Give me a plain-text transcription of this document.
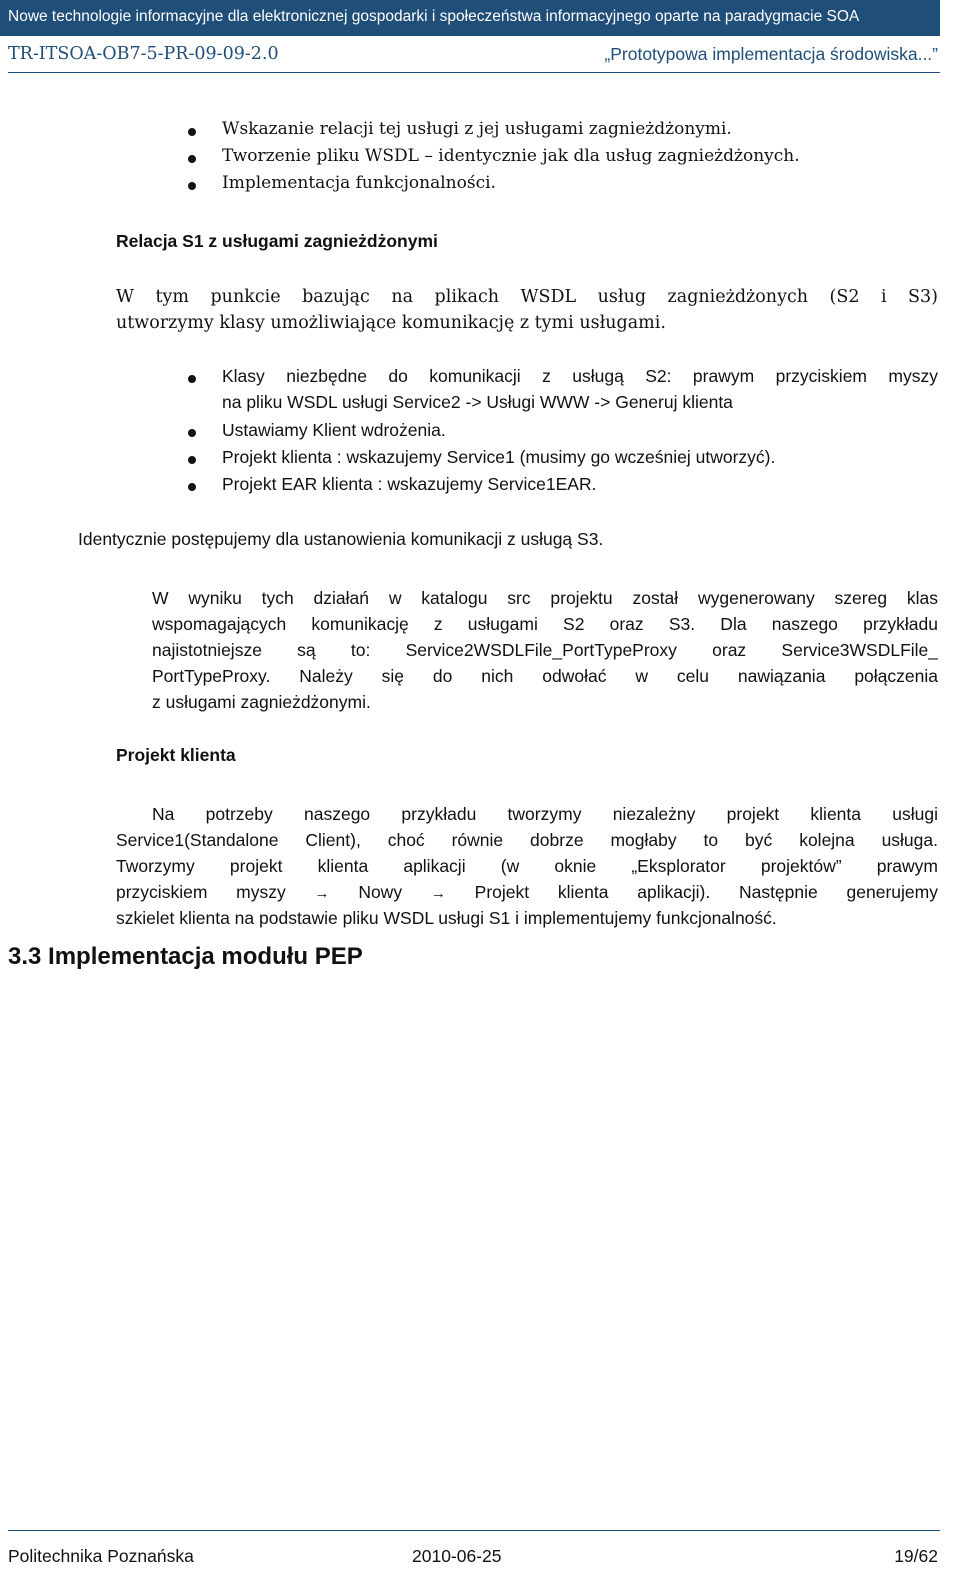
Nowe technologie informacyjne dla elektronicznej gospodarki i społeczeństwa informacyjnego oparte na paradygmacie SOA
TR-ITSOA-OB7-5-PR-09-09-2.0	„Prototypowa implementacja środowiska...”
Wskazanie relacji tej usługi z jej usługami zagnieżdżonymi.
Tworzenie pliku WSDL – identycznie jak dla usług zagnieżdżonych.
Implementacja funkcjonalności.
Relacja S1 z usługami zagnieżdżonymi
W tym punkcie bazując na plikach WSDL usług zagnieżdżonych (S2 i S3)
utworzymy klasy umożliwiające komunikację z tymi usługami.
Klasy niezbędne do komunikacji z usługą S2: prawym przyciskiem myszy
na pliku WSDL usługi Service2 -> Usługi WWW -> Generuj klienta
Ustawiamy Klient wdrożenia.
Projekt klienta : wskazujemy Service1 (musimy go wcześniej utworzyć).
Projekt EAR klienta : wskazujemy Service1EAR.
Identycznie postępujemy dla ustanowienia komunikacji z usługą S3.
W wyniku tych działań w katalogu src projektu został wygenerowany szereg klas
wspomagających komunikację z usługami S2 oraz S3. Dla naszego przykładu
najistotniejsze są to: Service2WSDLFile_PortTypeProxy oraz Service3WSDLFile_
PortTypeProxy. Należy się do nich odwołać w celu nawiązania połączenia
z usługami zagnieżdżonymi.
Projekt klienta
Na potrzeby naszego przykładu tworzymy niezależny projekt klienta usługi
Service1(Standalone Client), choć równie dobrze mogłaby to być kolejna usługa.
Tworzymy projekt klienta aplikacji (w oknie „Eksplorator projektów” prawym
przyciskiem myszy → Nowy → Projekt klienta aplikacji). Następnie generujemy
szkielet klienta na podstawie pliku WSDL usługi S1 i implementujemy funkcjonalność.
3.3 Implementacja modułu PEP
Politechnika Poznańska	2010-06-25	19/62
